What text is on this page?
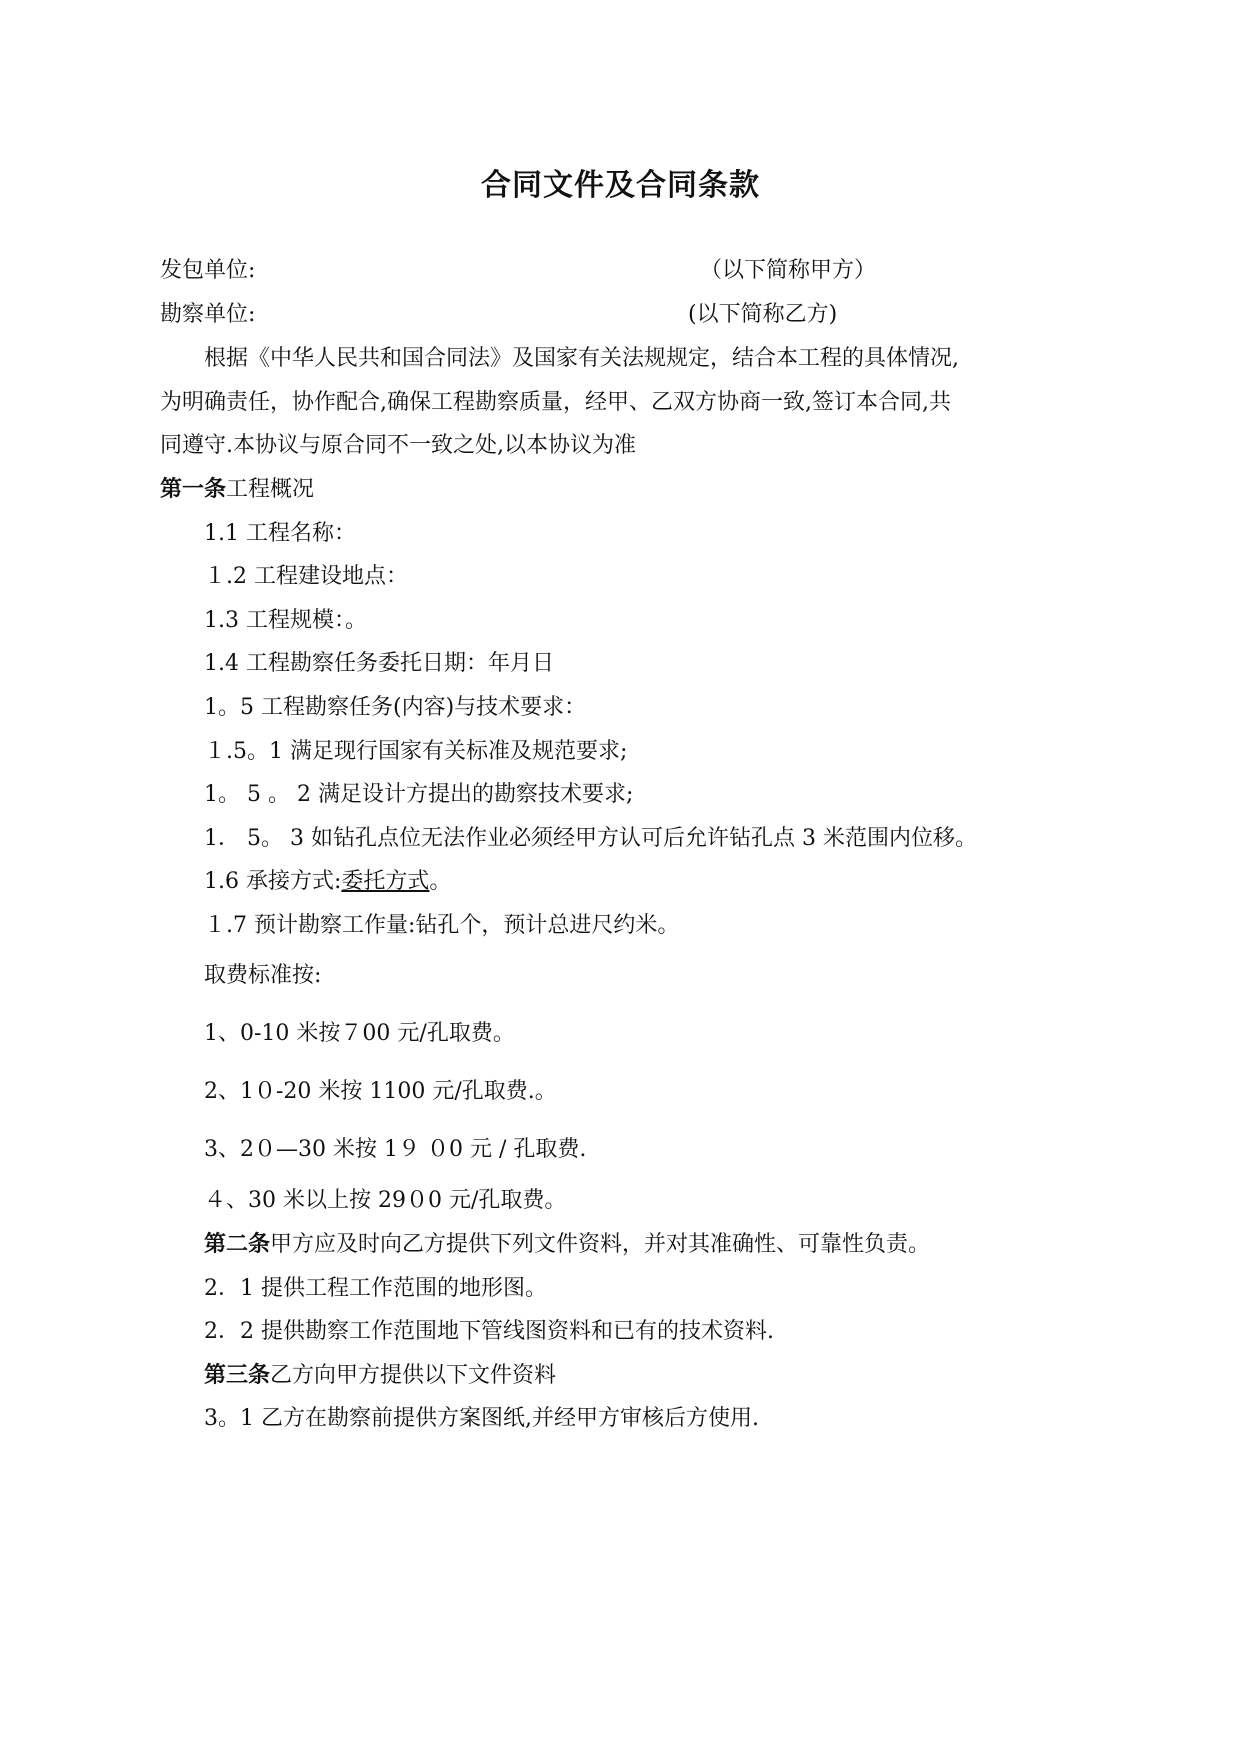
合同文件及合同条款
发包单位:	（以下简称甲方）
勘察单位:	(以下简称乙方)
根据《中华人民共和国合同法》及国家有关法规规定，结合本工程的具体情况,
为明确责任，协作配合,确保工程勘察质量，经甲、乙双方协商一致,签订本合同,共
同遵守.本协议与原合同不一致之处,以本协议为准
第一条工程概况
1.1 工程名称：
１.2 工程建设地点：
1.3 工程规模：。
1.4 工程勘察任务委托日期：年月日
1。5 工程勘察任务(内容)与技术要求：
１.5。1 满足现行国家有关标准及规范要求;
1。 5 。 2 满足设计方提出的勘察技术要求;
1． 5。 3 如钻孔点位无法作业必须经甲方认可后允许钻孔点 3 米范围内位移。
1.6 承接方式:委托方式。
１.7 预计勘察工作量:钻孔个，预计总进尺约米。
取费标准按:
1、0-10 米按７00 元/孔取费。
2、1０-20 米按 1100 元/孔取费.。
3、2０—30 米按 1９ ０0 元 / 孔取费.
４、30 米以上按 29０0 元/孔取费。
第二条甲方应及时向乙方提供下列文件资料，并对其准确性、可靠性负责。
2．1 提供工程工作范围的地形图。
2．2 提供勘察工作范围地下管线图资料和已有的技术资料.
第三条乙方向甲方提供以下文件资料
3。1 乙方在勘察前提供方案图纸,并经甲方审核后方使用.
